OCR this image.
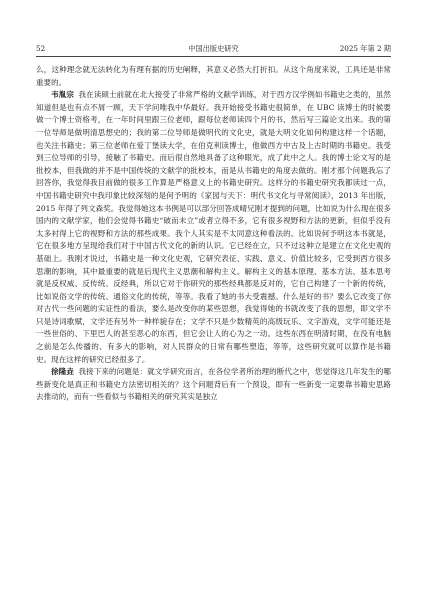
52	中国出版史研究	2025 年第 2 期

么，这种理念就无法转化为有理有据的历史阐释，其意义必然大打折扣。从这个角度来说，工具还是非常重要的。

韦胤宗 我在读硕士前就在北大接受了非常严格的文献学训练，对于西方汉学例如书籍史之类的，虽然知道但是也有点不屑一顾，天下学问唯我中华最好。我开始接受书籍史很简单，在 UBC 读博士的时候要做一个博士资格考，在一年时间里跟三位老师，跟每位老师读四个月的书，然后写三篇论文出来。我的第一位导师是做明清思想史的；我的第二位导师是做明代的文化史，就是大明文化如何构建这样一个话题，也关注书籍史；第三位老师在爱丁堡读大学，在伯克利读博士，他做西方中古及上古时期的书籍史。我受到三位导师的引导，接触了书籍史。而后很自然地具备了这种眼光，成了此中之人。我的博士论文写的是批校本，但我做的并不是中国传统的文献学的批校本，而是从书籍史的角度去做的。刚才那个问题我忘了回答你，我觉得我目前做的很多工作算是严格意义上的书籍史研究。这样分的书籍史研究我都读过一点，中国书籍史研究中我印象比较深刻的是何予明的《家园与天下：明代书文化与寻常阅读》，2013 年出版，2015 年得了列文森奖。我觉得她这本书例是可以部分回答成晴兄刚才提到的问题，比如说为什么现在很多国内的文献学家，他们会觉得书籍史“破而未立”或者立得不多，它有很多视野和方法的更新，但似乎没有太多衬得上它的视野和方法的那些成果。我个人其实是不太同意这种看法的。比如说何予明这本书就是，它在很多地方呈现给我们对于中国古代文化的新的认识。它已经在立，只不过这种立是建立在文化史观的基础上。我刚才说过，书籍史是一种文化史观，它研究表征、实践、意义、价值比较多，它受到西方很多思潮的影响，其中最重要的就是后现代主义思潮和解构主义。解构主义的基本原理、基本方法、基本思考就是反权威、反传统、反经典，所以它对于你研究的那些经典都是反对的，它自己构建了一个新的传统，比如说俗文学的传统、通俗文化的传统，等等。我看了她的书大受震撼。什么是好的书？要么它改变了你对古代一些问题的实证性的看法，要么是改变你的某些思想，我觉得她的书就改变了我的思想，即文学不只是诗词歌赋，文学还有另外一种样貌存在；文学不只是少数精英的高级玩乐、文字游戏，文学可能还是一些世俗的、下里巴人的甚至恶心的东西，但它会让人的心为之一动。这些东西在明清时期，在没有电脑之前是怎么传播的、有多大的影响，对人民群众的日常有哪些塑造，等等，这些研究就可以算作是书籍史。现在这样的研究已经很多了。

徐隆垚 我接下来的问题是：就文学研究而言，在各位学者所治理的断代之中，您觉得这几年发生的哪些新变化是真正和书籍史方法密切相关的？这个问题背后有一个预设，即有一些新变一定要靠书籍史思路去推动的，而有一些看似与书籍相关的研究其实是独立
